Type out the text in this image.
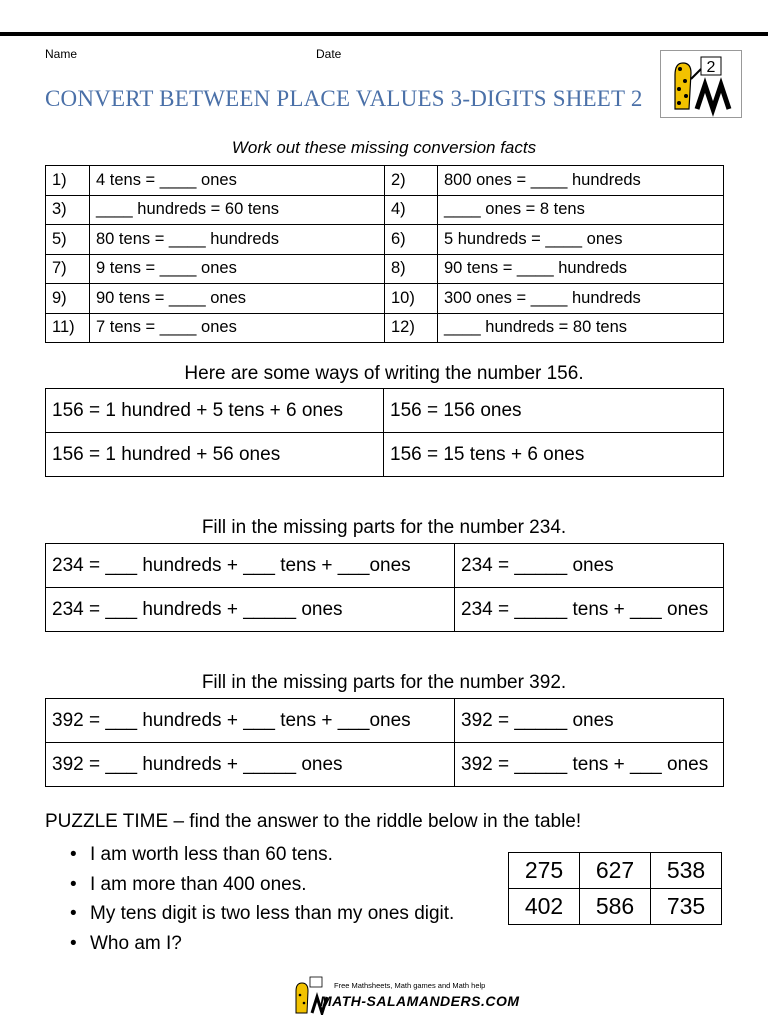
Name	Date
CONVERT BETWEEN PLACE VALUES 3-DIGITS SHEET 2
2
Work out these missing conversion facts
1)	4 tens = ____ ones	2)	800 ones = ____ hundreds
3)	____ hundreds = 60 tens	4)	____ ones = 8 tens
5)	80 tens = ____ hundreds	6)	5 hundreds = ____ ones
7)	9 tens = ____ ones	8)	90 tens = ____ hundreds
9)	90 tens = ____ ones	10)	300 ones = ____ hundreds
11)	7 tens = ____ ones	12)	____ hundreds = 80 tens
Here are some ways of writing the number 156.
156 = 1 hundred + 5 tens + 6 ones	156 = 156 ones
156 = 1 hundred + 56 ones	156 = 15 tens + 6 ones
Fill in the missing parts for the number 234.
234 = ___ hundreds + ___ tens + ___ones	234 = _____ ones
234 = ___ hundreds + _____ ones	234 = _____ tens + ___ ones
Fill in the missing parts for the number 392.
392 = ___ hundreds + ___ tens + ___ones	392 = _____ ones
392 = ___ hundreds + _____ ones	392 = _____ tens + ___ ones
PUZZLE TIME – find the answer to the riddle below in the table!
• I am worth less than 60 tens.
• I am more than 400 ones.
• My tens digit is two less than my ones digit.
• Who am I?
275	627	538
402	586	735
Free Mathsheets, Math games and Math help
MATH-SALAMANDERS.COM
